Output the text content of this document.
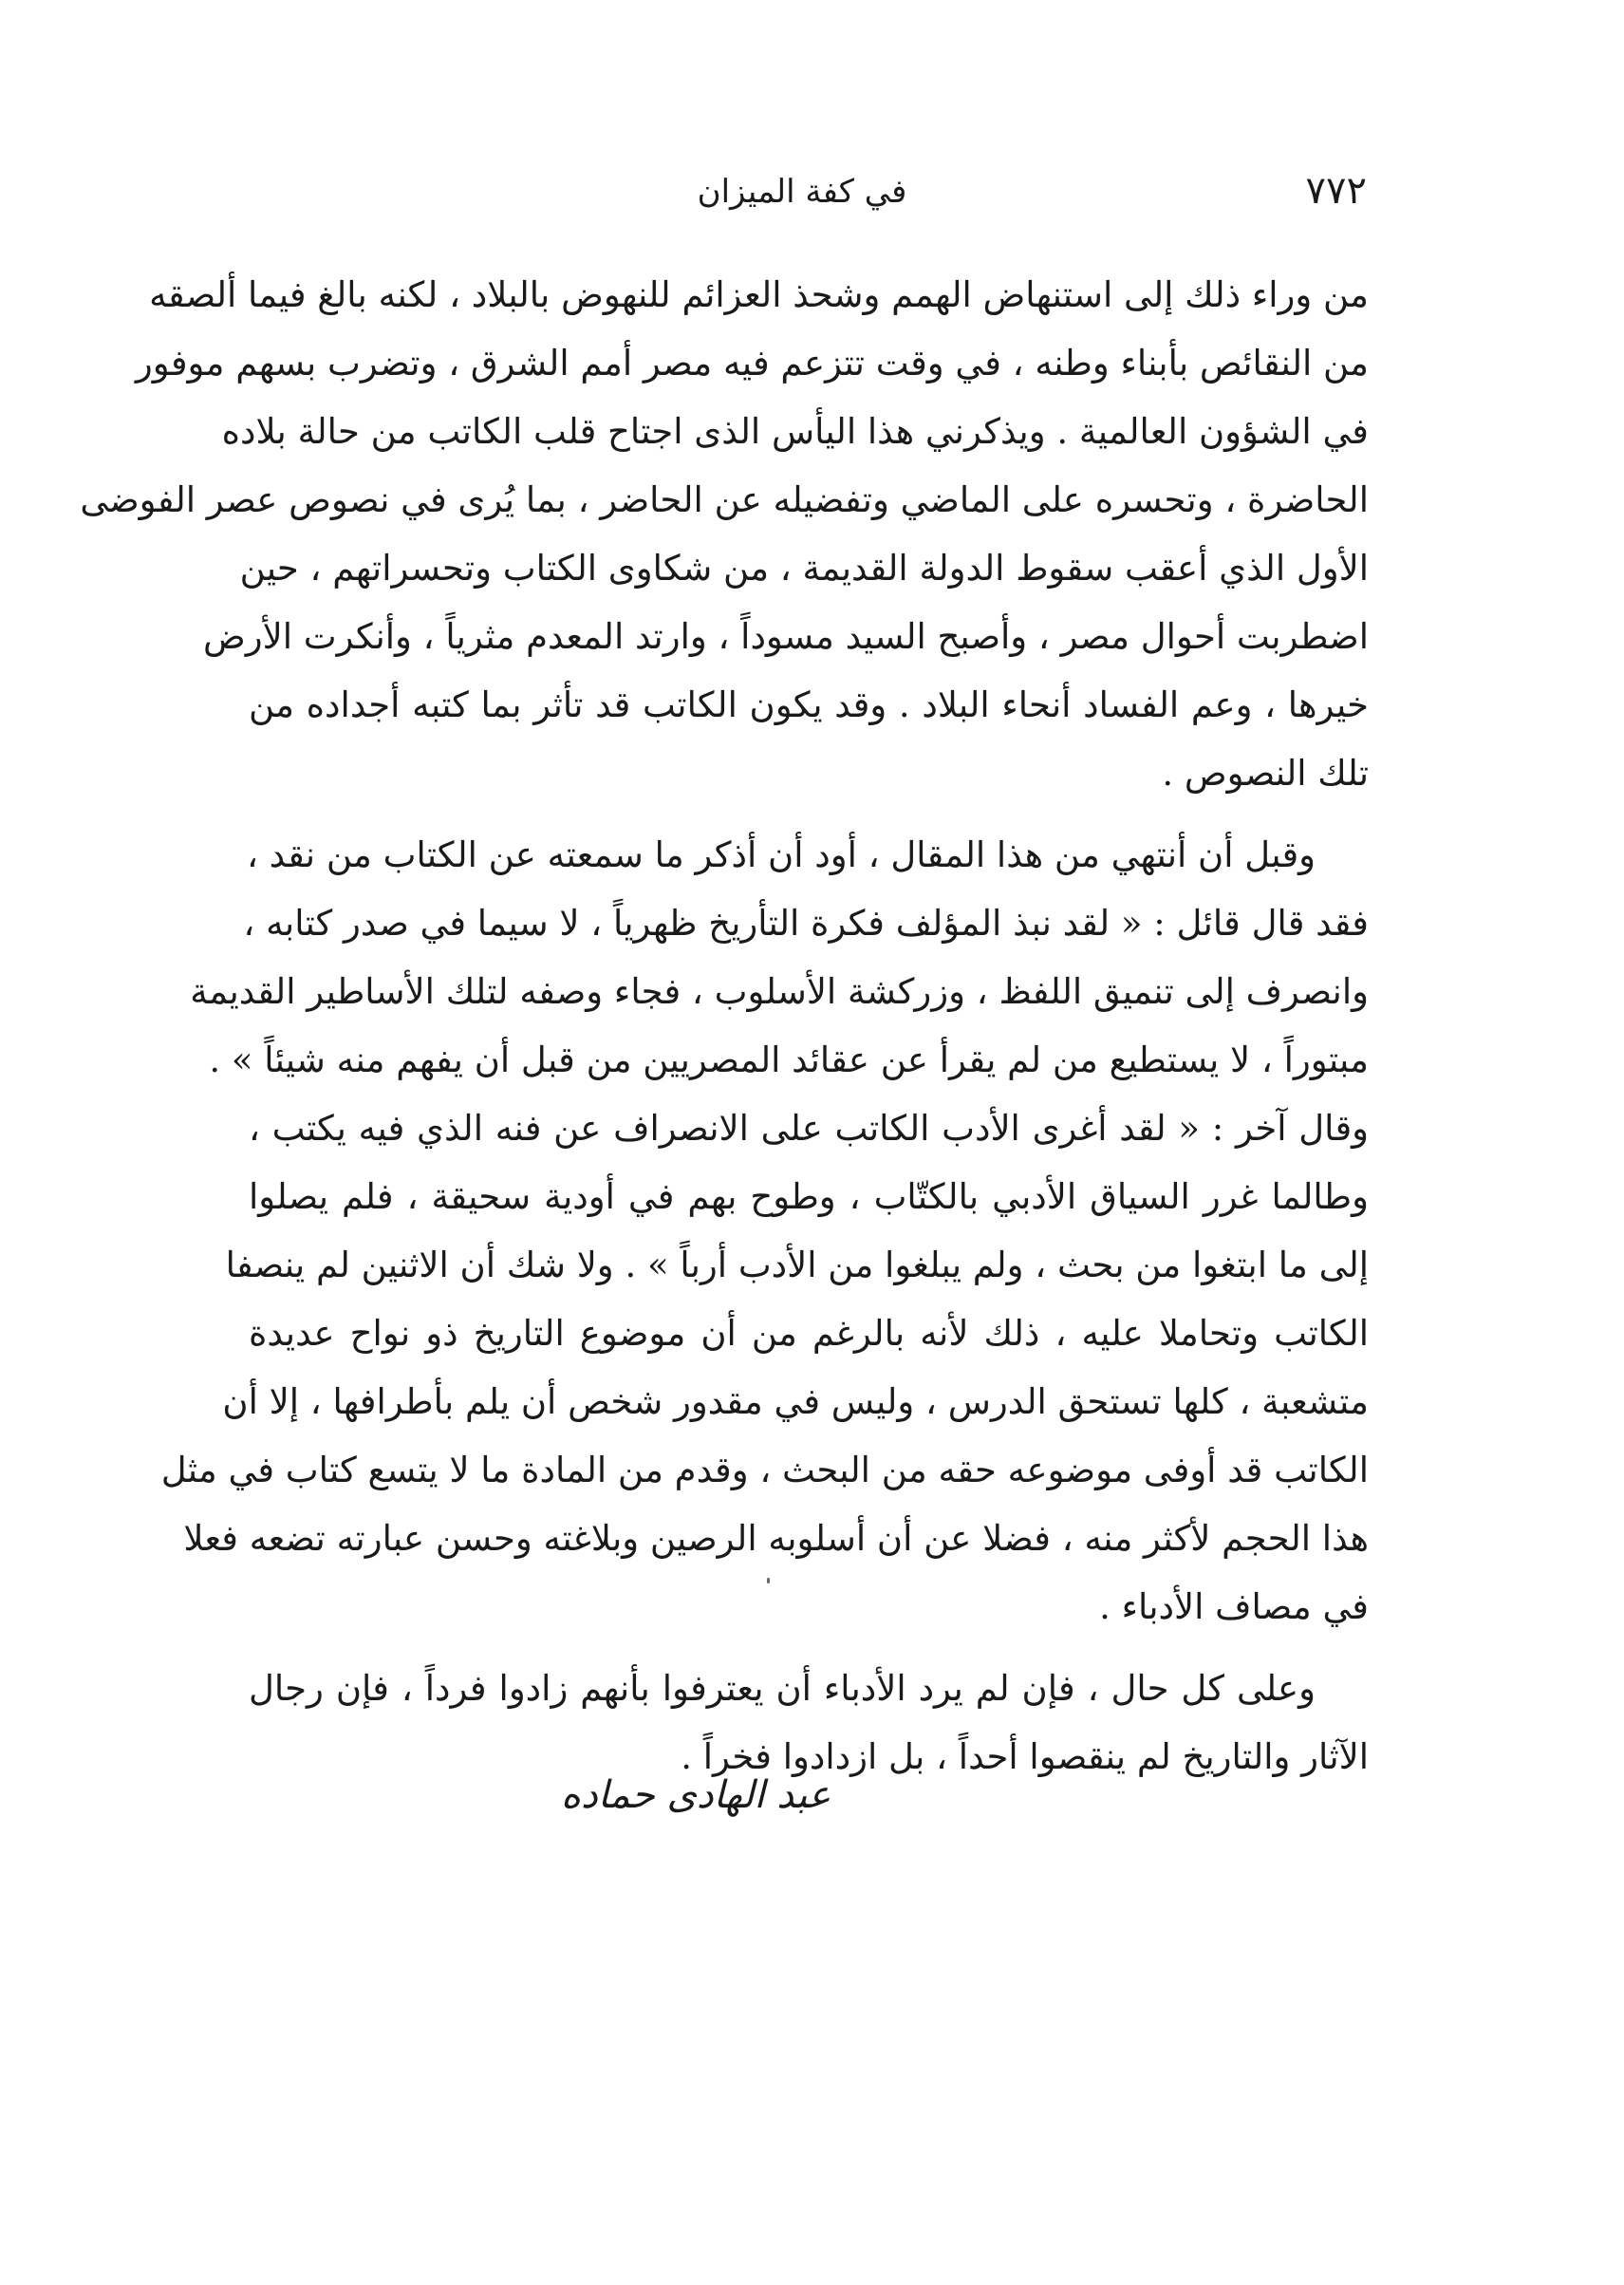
٧٧٢
في كفة الميزان
من وراء ذلك إلى استنهاض الهمم وشحذ العزائم للنهوض بالبلاد ، لكنه بالغ فيما ألصقه
من النقائص بأبناء وطنه ، في وقت تتزعم فيه مصر أمم الشرق ، وتضرب بسهم موفور
في الشؤون العالمية . ويذكرني هذا اليأس الذى اجتاح قلب الكاتب من حالة بلاده
الحاضرة ، وتحسره على الماضي وتفضيله عن الحاضر ، بما يُرى في نصوص عصر الفوضى
الأول الذي أعقب سقوط الدولة القديمة ، من شكاوى الكتاب وتحسراتهم ، حين
اضطربت أحوال مصر ، وأصبح السيد مسوداً ، وارتد المعدم مثرياً ، وأنكرت الأرض
خيرها ، وعم الفساد أنحاء البلاد . وقد يكون الكاتب قد تأثر بما كتبه أجداده من
تلك النصوص .
وقبل أن أنتهي من هذا المقال ، أود أن أذكر ما سمعته عن الكتاب من نقد ،
فقد قال قائل : « لقد نبذ المؤلف فكرة التأريخ ظهرياً ، لا سيما في صدر كتابه ،
وانصرف إلى تنميق اللفظ ، وزركشة الأسلوب ، فجاء وصفه لتلك الأساطير القديمة
مبتوراً ، لا يستطيع من لم يقرأ عن عقائد المصريين من قبل أن يفهم منه شيئاً » .
وقال آخر : « لقد أغرى الأدب الكاتب على الانصراف عن فنه الذي فيه يكتب ،
وطالما غرر السياق الأدبي بالكتّاب ، وطوح بهم في أودية سحيقة ، فلم يصلوا
إلى ما ابتغوا من بحث ، ولم يبلغوا من الأدب أرباً » . ولا شك أن الاثنين لم ينصفا
الكاتب وتحاملا عليه ، ذلك لأنه بالرغم من أن موضوع التاريخ ذو نواح عديدة
متشعبة ، كلها تستحق الدرس ، وليس في مقدور شخص أن يلم بأطرافها ، إلا أن
الكاتب قد أوفى موضوعه حقه من البحث ، وقدم من المادة ما لا يتسع كتاب في مثل
هذا الحجم لأكثر منه ، فضلا عن أن أسلوبه الرصين وبلاغته وحسن عبارته تضعه فعلا
في مصاف الأدباء .
وعلى كل حال ، فإن لم يرد الأدباء أن يعترفوا بأنهم زادوا فرداً ، فإن رجال
الآثار والتاريخ لم ينقصوا أحداً ، بل ازدادوا فخراً .
عبد الهادى حماده
